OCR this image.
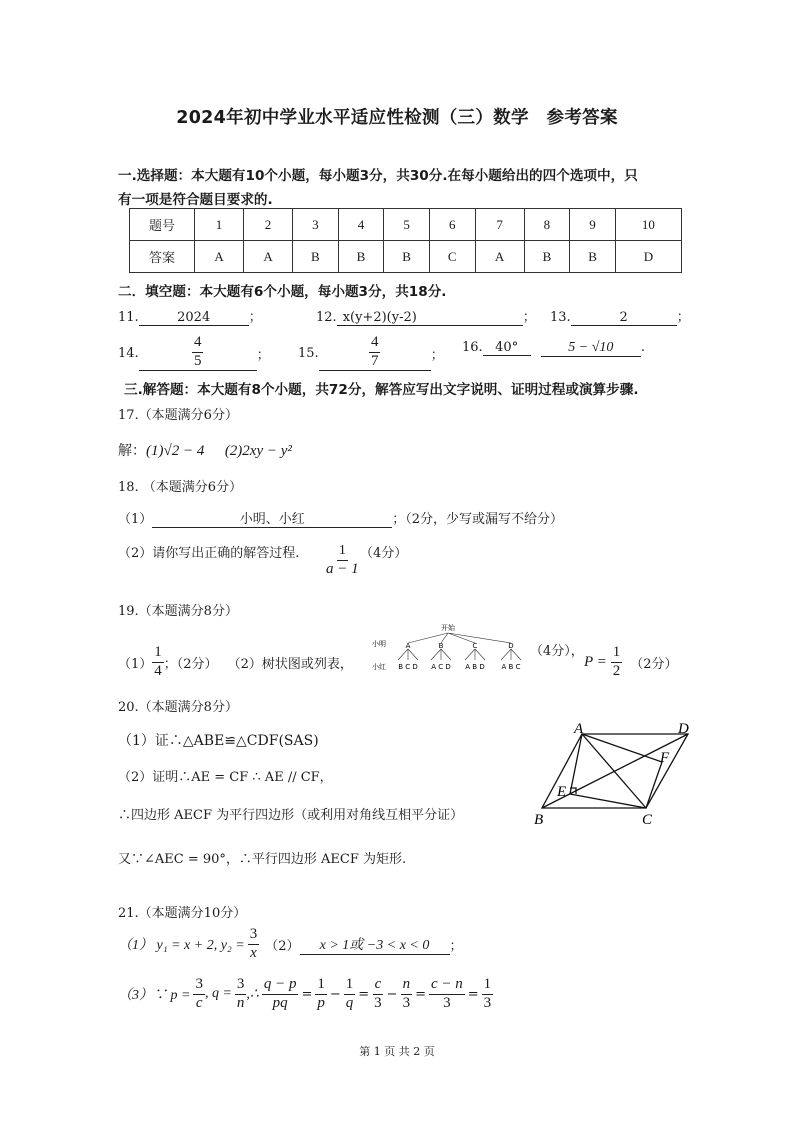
2024年初中学业水平适应性检测（三）数学　参考答案
一.选择题：本大题有10个小题，每小题3分，共30分.在每小题给出的四个选项中，只
有一项是符合题目要求的.
题号	1	2	3	4	5	6	7	8	9	10
答案	A	A	B	B	B	C	A	B	B	D
二．填空题：本大题有6个小题，每小题3分，共18分.
11.	2024	；	12. x(y+2)(y-2)	； 13.	2	；
14.	$\frac{4}{5}$	； 15.	$\frac{4}{7}$	； 16. 40°	5 − √10 .
三.解答题：本大题有8个小题，共72分，解答应写出文字说明、证明过程或演算步骤.
17.（本题满分6分）
解：(1)√2 − 4 (2)2xy − y²
18. （本题满分6分）
（1）	小明、小红	；（2分，少写或漏写不给分）
（2）请你写出正确的解答过程. $\frac{1}{a - 1} (4$分）
19.（本题满分8分）
$(1) \frac{1}{4}$ ；（2分） （2）树状图或列表，
开始
小明	A	B	C	D
小红 B C D A C D A B D A B C
（4分），
$P = \frac{1}{2} (2$分）
20.（本题满分8分）
（1）证∴△ABE≌△CDF(SAS)
（2）证明∴AE = CF ∴ AE // CF，
∴四边形 AECF 为平行四边形（或利用对角线互相平分证）
又∵∠AEC = 90°，∴平行四边形 AECF 为矩形.
A	D
F
E
B	C
21.（本题满分10分）
（1） y₁ = x + 2, $y_2 = \frac{3}{x} (2)$	x > 1或 −3 < x < 0	；
（3）∵ $p = \frac{3}{c}$ , $q = \frac{3}{n}$ ,∴ $\frac{q - p}{pq} = \frac{1}{p} - \frac{1}{q} = \frac{c}{3} - \frac{n}{3} = \frac{c - n}{3} = \frac{1}{3}$
第 1 页 共 2 页
